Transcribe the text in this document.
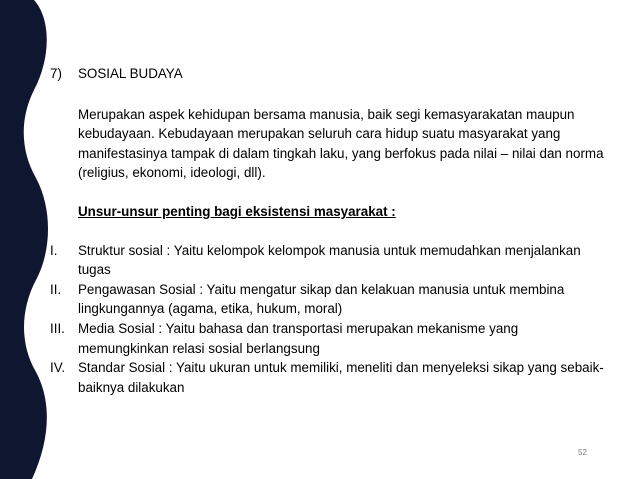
7)	SOSIAL BUDAYA
Merupakan aspek kehidupan bersama manusia, baik segi kemasyarakatan maupun kebudayaan. Kebudayaan merupakan seluruh cara hidup suatu masyarakat yang manifestasinya tampak di dalam tingkah laku, yang berfokus pada nilai – nilai dan norma (religius, ekonomi, ideologi, dll).
Unsur-unsur penting bagi eksistensi masyarakat :
I.	Struktur sosial : Yaitu kelompok kelompok manusia untuk memudahkan menjalankan tugas
II.	Pengawasan Sosial : Yaitu mengatur sikap dan kelakuan manusia untuk membina lingkungannya (agama, etika, hukum, moral)
III. Media Sosial : Yaitu bahasa dan transportasi merupakan mekanisme yang memungkinkan relasi sosial berlangsung
IV. Standar Sosial : Yaitu ukuran untuk memiliki, meneliti dan menyeleksi sikap yang sebaik-baiknya dilakukan
52
